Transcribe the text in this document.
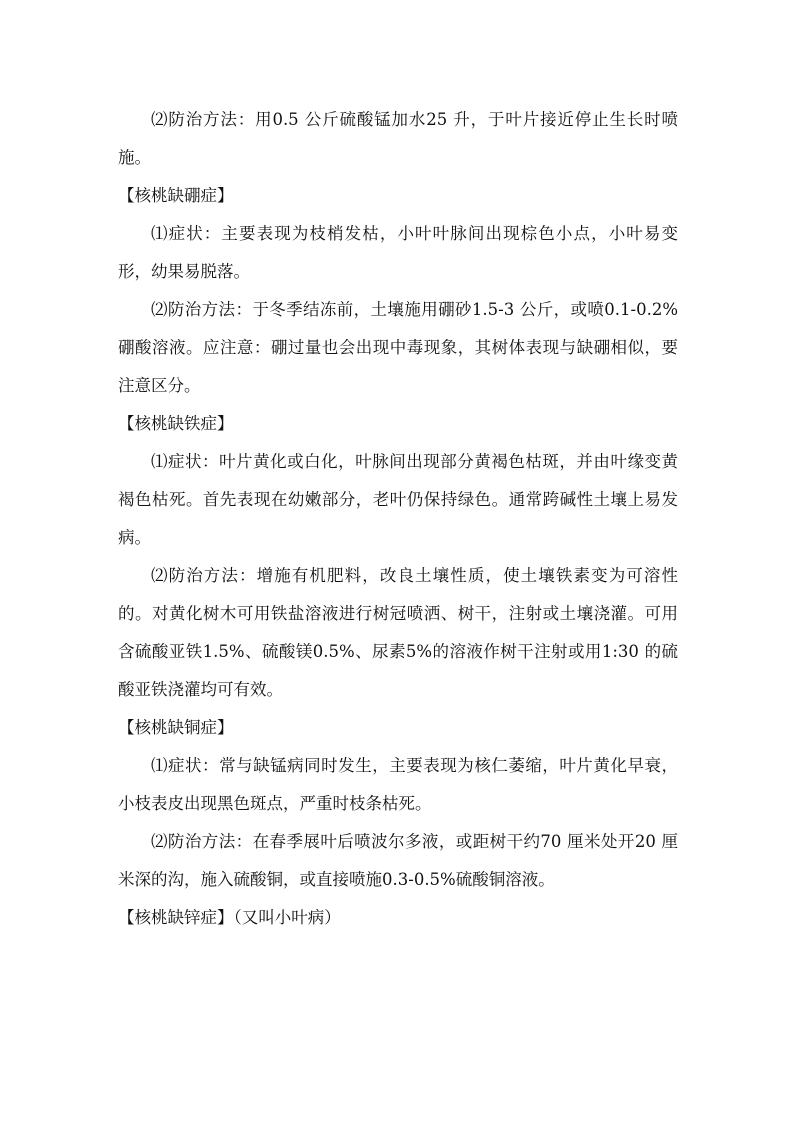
⑵防治方法：用0.5 公斤硫酸锰加水25 升，于叶片接近停止生长时喷施。

【核桃缺硼症】

⑴症状：主要表现为枝梢发枯，小叶叶脉间出现棕色小点，小叶易变形，幼果易脱落。

⑵防治方法：于冬季结冻前，土壤施用硼砂1.5-3 公斤，或喷0.1-0.2%硼酸溶液。应注意：硼过量也会出现中毒现象，其树体表现与缺硼相似，要注意区分。

【核桃缺铁症】

⑴症状：叶片黄化或白化，叶脉间出现部分黄褐色枯斑，并由叶缘变黄褐色枯死。首先表现在幼嫩部分，老叶仍保持绿色。通常跨碱性土壤上易发病。

⑵防治方法：增施有机肥料，改良土壤性质，使土壤铁素变为可溶性的。对黄化树木可用铁盐溶液进行树冠喷洒、树干，注射或土壤浇灌。可用含硫酸亚铁1.5%、硫酸镁0.5%、尿素5%的溶液作树干注射或用1:30 的硫酸亚铁浇灌均可有效。

【核桃缺铜症】

⑴症状：常与缺锰病同时发生，主要表现为核仁萎缩，叶片黄化早衰，小枝表皮出现黑色斑点，严重时枝条枯死。

⑵防治方法：在春季展叶后喷波尔多液，或距树干约70 厘米处开20 厘米深的沟，施入硫酸铜，或直接喷施0.3-0.5%硫酸铜溶液。

【核桃缺锌症】（又叫小叶病）
